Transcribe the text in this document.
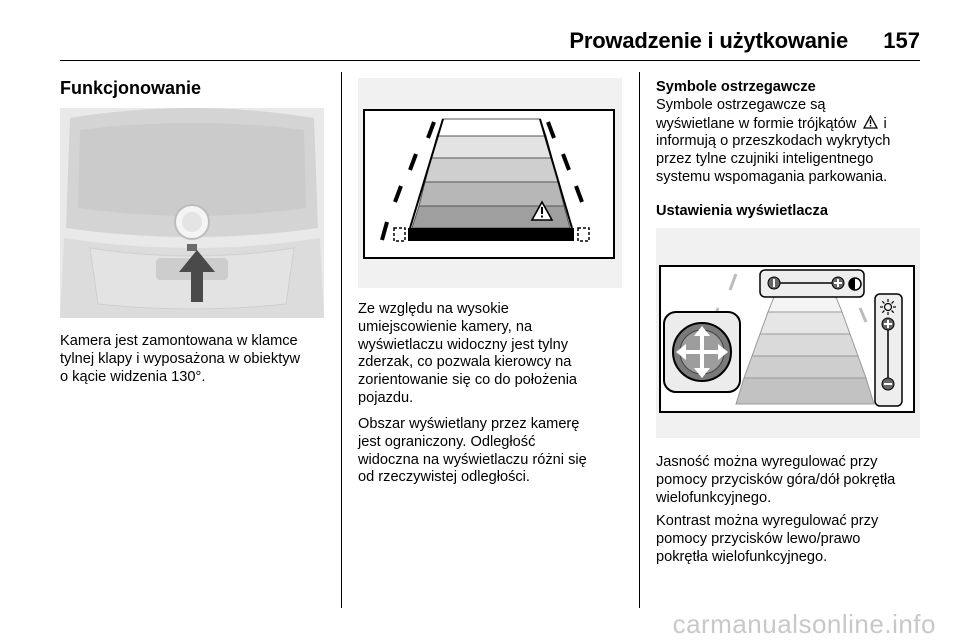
Prowadzenie i użytkowanie 157
Funkcjonowanie
Kamera jest zamontowana w klamce
tylnej klapy i wyposażona w obiektyw
o kącie widzenia 130°.
Ze względu na wysokie
umiejscowienie kamery, na
wyświetlaczu widoczny jest tylny
zderzak, co pozwala kierowcy na
zorientowanie się co do położenia
pojazdu.
Obszar wyświetlany przez kamerę
jest ograniczony. Odległość
widoczna na wyświetlaczu różni się
od rzeczywistej odległości.
Symbole ostrzegawcze
Symbole ostrzegawcze są
wyświetlane w formie trójkątów i
informują o przeszkodach wykrytych
przez tylne czujniki inteligentnego
systemu wspomagania parkowania.
Ustawienia wyświetlacza
Jasność można wyregulować przy
pomocy przycisków góra/dół pokrętła
wielofunkcyjnego.
Kontrast można wyregulować przy
pomocy przycisków lewo/prawo
pokrętła wielofunkcyjnego.
carmanualsonline.info
